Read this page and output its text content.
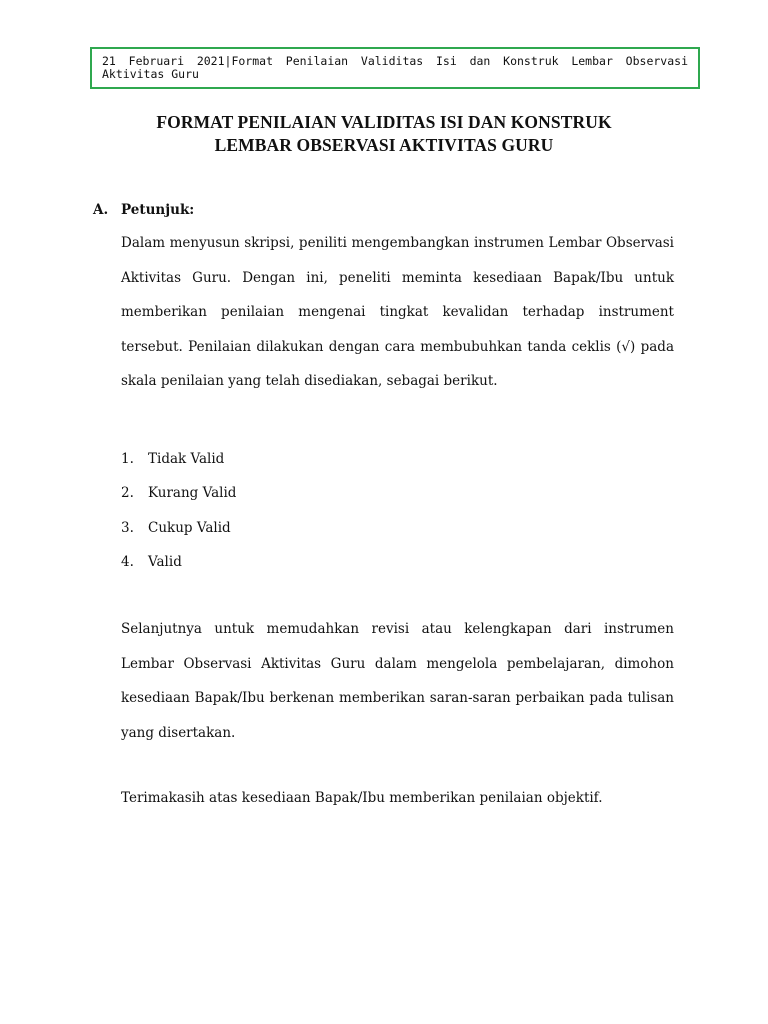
21 Februari 2021|Format Penilaian Validitas Isi dan Konstruk Lembar Observasi Aktivitas Guru
FORMAT PENILAIAN VALIDITAS ISI DAN KONSTRUK
LEMBAR OBSERVASI AKTIVITAS GURU
A. Petunjuk:
Dalam menyusun skripsi, peniliti mengembangkan instrumen Lembar Observasi Aktivitas Guru. Dengan ini, peneliti meminta kesediaan Bapak/Ibu untuk memberikan penilaian mengenai tingkat kevalidan terhadap instrument tersebut. Penilaian dilakukan dengan cara membubuhkan tanda ceklis (√) pada skala penilaian yang telah disediakan, sebagai berikut.
1. Tidak Valid
2. Kurang Valid
3. Cukup Valid
4. Valid
Selanjutnya untuk memudahkan revisi atau kelengkapan dari instrumen Lembar Observasi Aktivitas Guru dalam mengelola pembelajaran, dimohon kesediaan Bapak/Ibu berkenan memberikan saran-saran perbaikan pada tulisan yang disertakan.
Terimakasih atas kesediaan Bapak/Ibu memberikan penilaian objektif.
